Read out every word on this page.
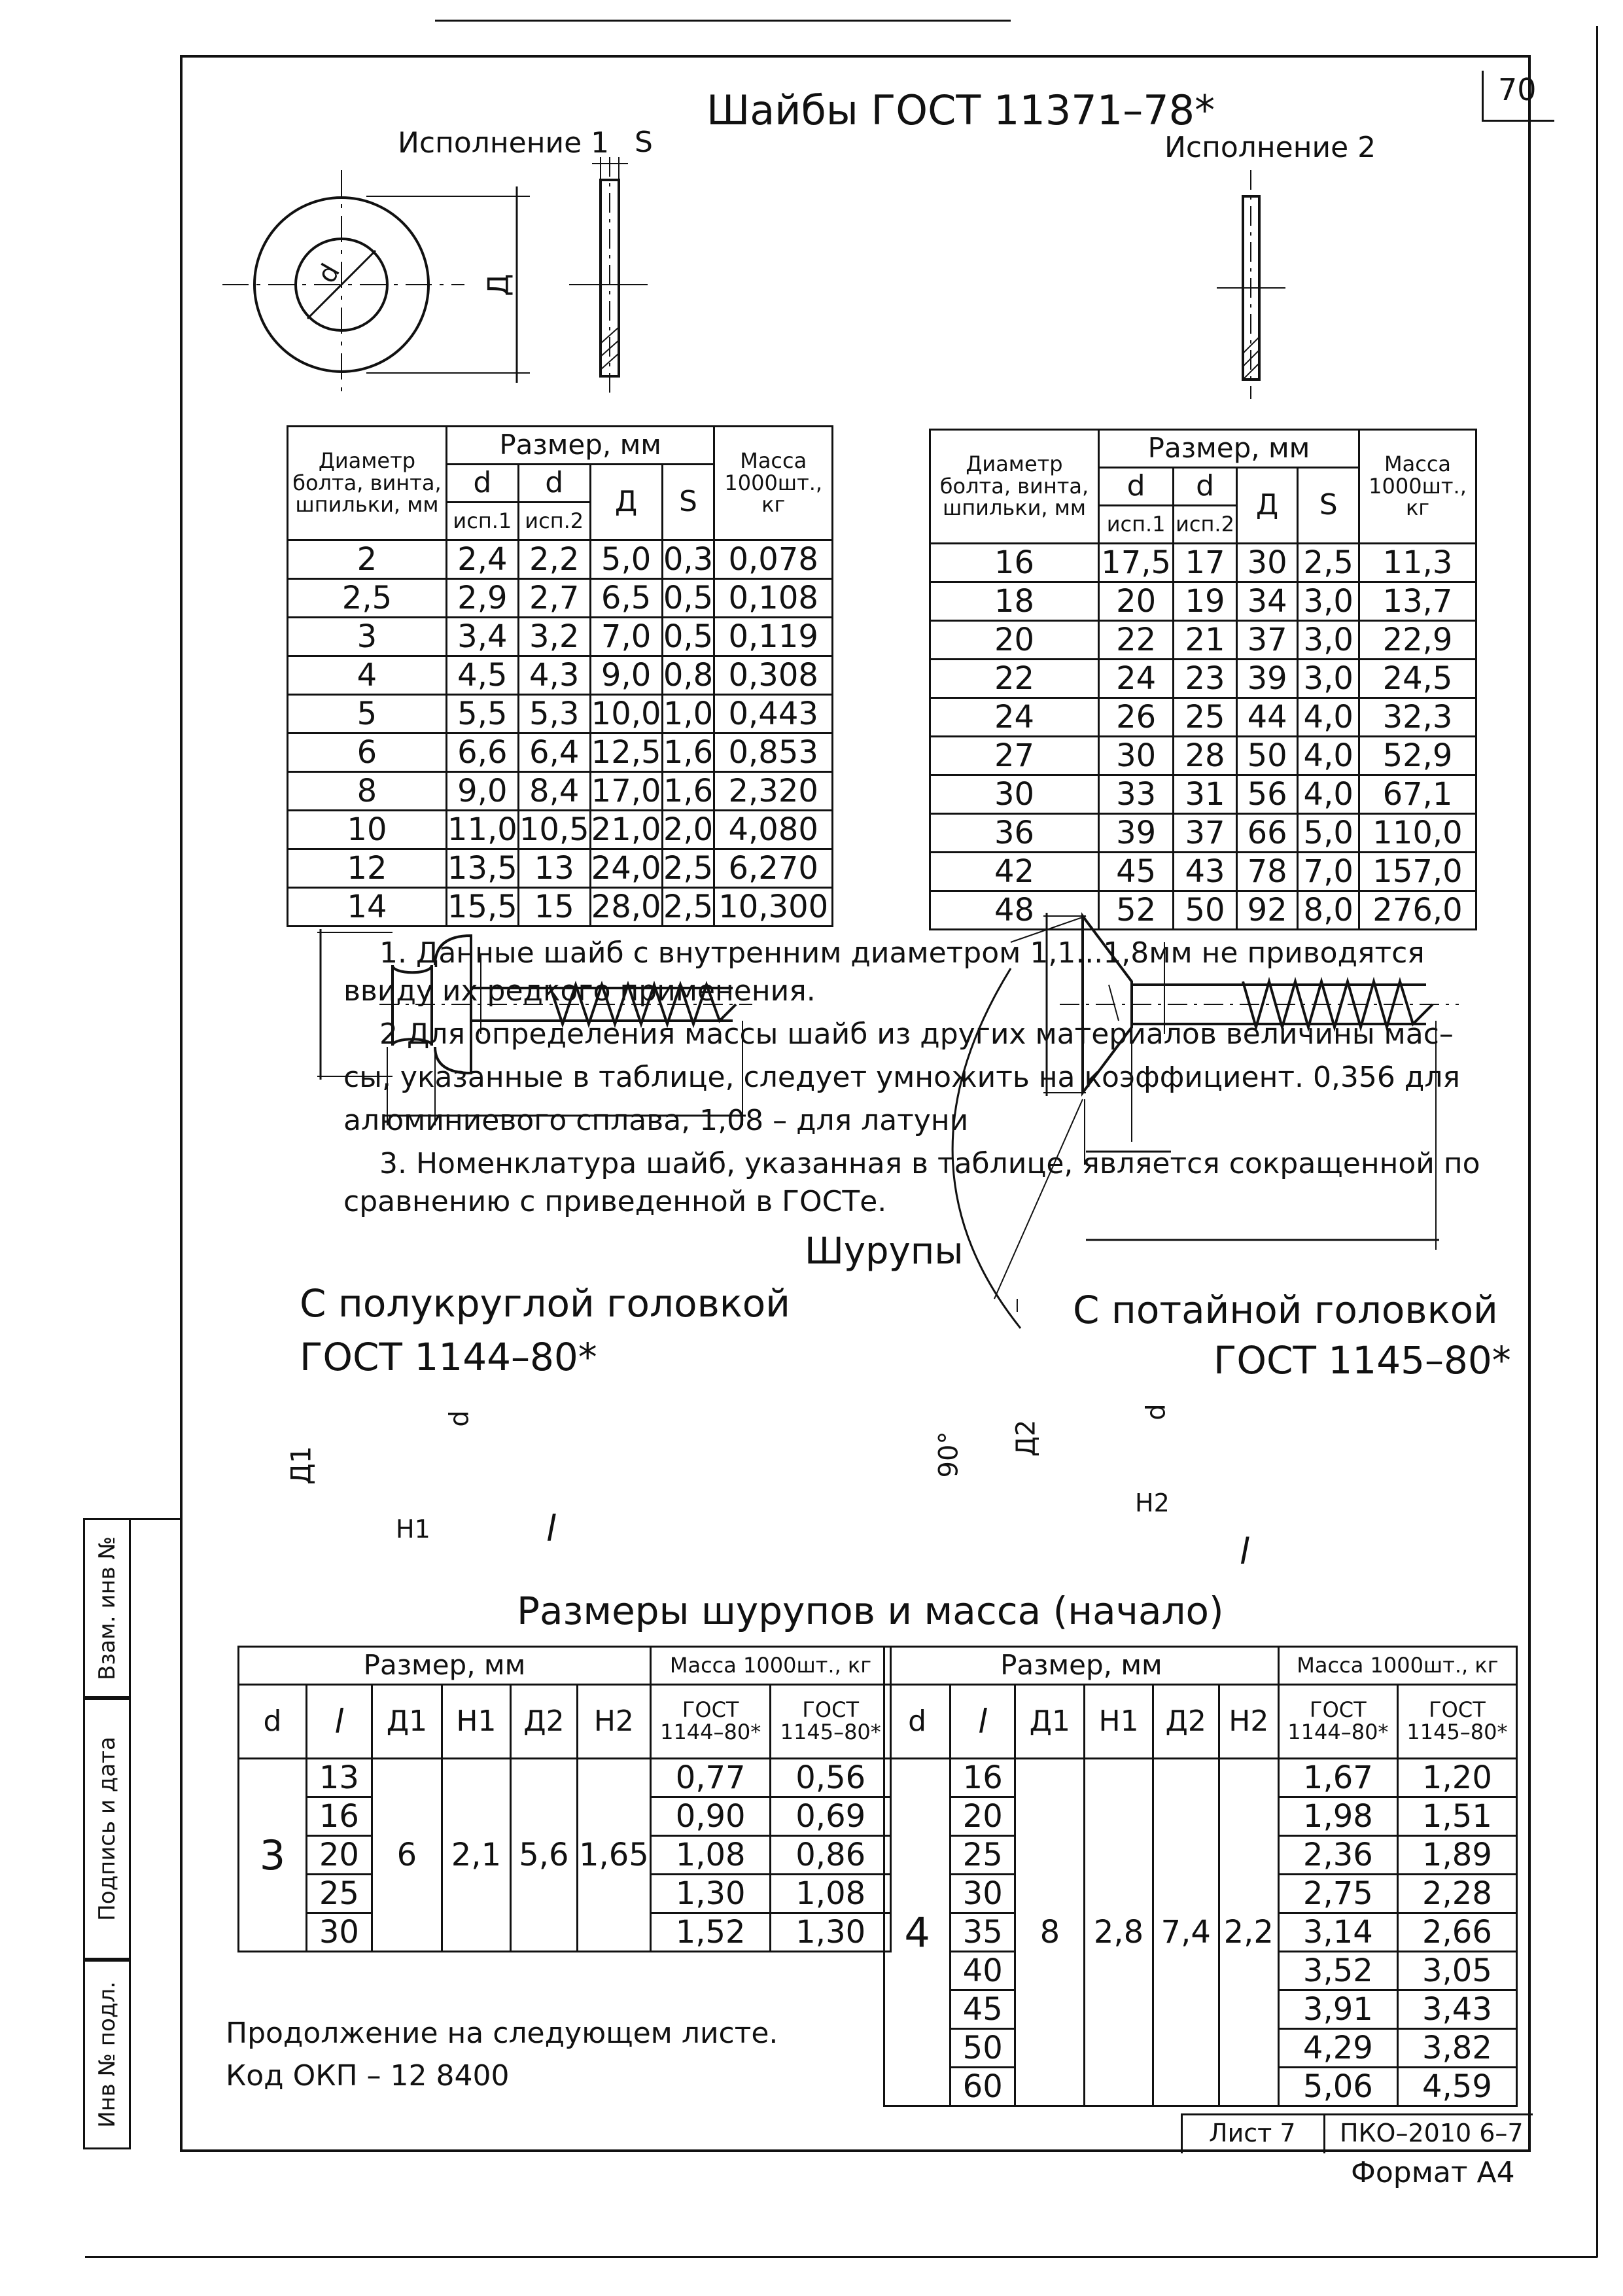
70
Взам. инв №
Подпись и дата
Инв № подл.
Шайбы ГОСТ 11371–78*
Исполнение 1	Исполнение 2
S
d	Д
Диаметр болта, винта, шпильки, мм	Размер, мм				Масса 1000шт., кг
	d	d	Д	S	
	исп.1	исп.2			
2	2,4	2,2	5,0	0,3	0,078
2,5	2,9	2,7	6,5	0,5	0,108
3	3,4	3,2	7,0	0,5	0,119
4	4,5	4,3	9,0	0,8	0,308
5	5,5	5,3	10,0	1,0	0,443
6	6,6	6,4	12,5	1,6	0,853
8	9,0	8,4	17,0	1,6	2,320
10	11,0	10,5	21,0	2,0	4,080
12	13,5	13	24,0	2,5	6,270
14	15,5	15	28,0	2,5	10,300
Диаметр болта, винта, шпильки, мм	Размер, мм				Масса 1000шт., кг
	d	d	Д	S	
	исп.1	исп.2			
16	17,5	17	30	2,5	11,3
18	20	19	34	3,0	13,7
20	22	21	37	3,0	22,9
22	24	23	39	3,0	24,5
24	26	25	44	4,0	32,3
27	30	28	50	4,0	52,9
30	33	31	56	4,0	67,1
36	39	37	66	5,0	110,0
42	45	43	78	7,0	157,0
48	52	50	92	8,0	276,0

1. Данные шайб с внутренним диаметром 1,1...1,8мм не приводятся

ввиду их редкого применения.

2 Для определения массы шайб из других материалов величины мас–

сы, указанные в таблице, следует умножить на коэффициент. 0,356 для

алюминиевого сплава, 1,08 – для латуни

3. Номенклатура шайб, указанная в таблице, является сокращенной по

сравнению с приведенной в ГОСТе.

Шурупы
С полукруглой головкой
ГОСТ 1144–80*
С потайной головкой
ГОСТ 1145–80*
Д1
d
H1	l
90° Д2
d
H2
l
Размеры шурупов и масса (начало)
Размер, мм						Масса 1000шт., кг	
d	l	Д1	H1	Д2	H2	ГОСТ 1144–80*	ГОСТ 1145–80*
3	13	6	2,1	5,6	1,65	0,77	0,56
	16					0,90	0,69
	20					1,08	0,86
	25					1,30	1,08
	30					1,52	1,30
Размер, мм						Масса 1000шт., кг	
d	l	Д1	H1	Д2	H2	ГОСТ 1144–80*	ГОСТ 1145–80*
4	16	8	2,8	7,4	2,2	1,67	1,20
	20					1,98	1,51
	25					2,36	1,89
	30					2,75	2,28
	35					3,14	2,66
	40					3,52	3,05
	45					3,91	3,43
	50					4,29	3,82
	60					5,06	4,59
Продолжение на следующем листе.
Код ОКП – 12 8400
Лист 7 ПКО–2010 6–7
Формат А4
